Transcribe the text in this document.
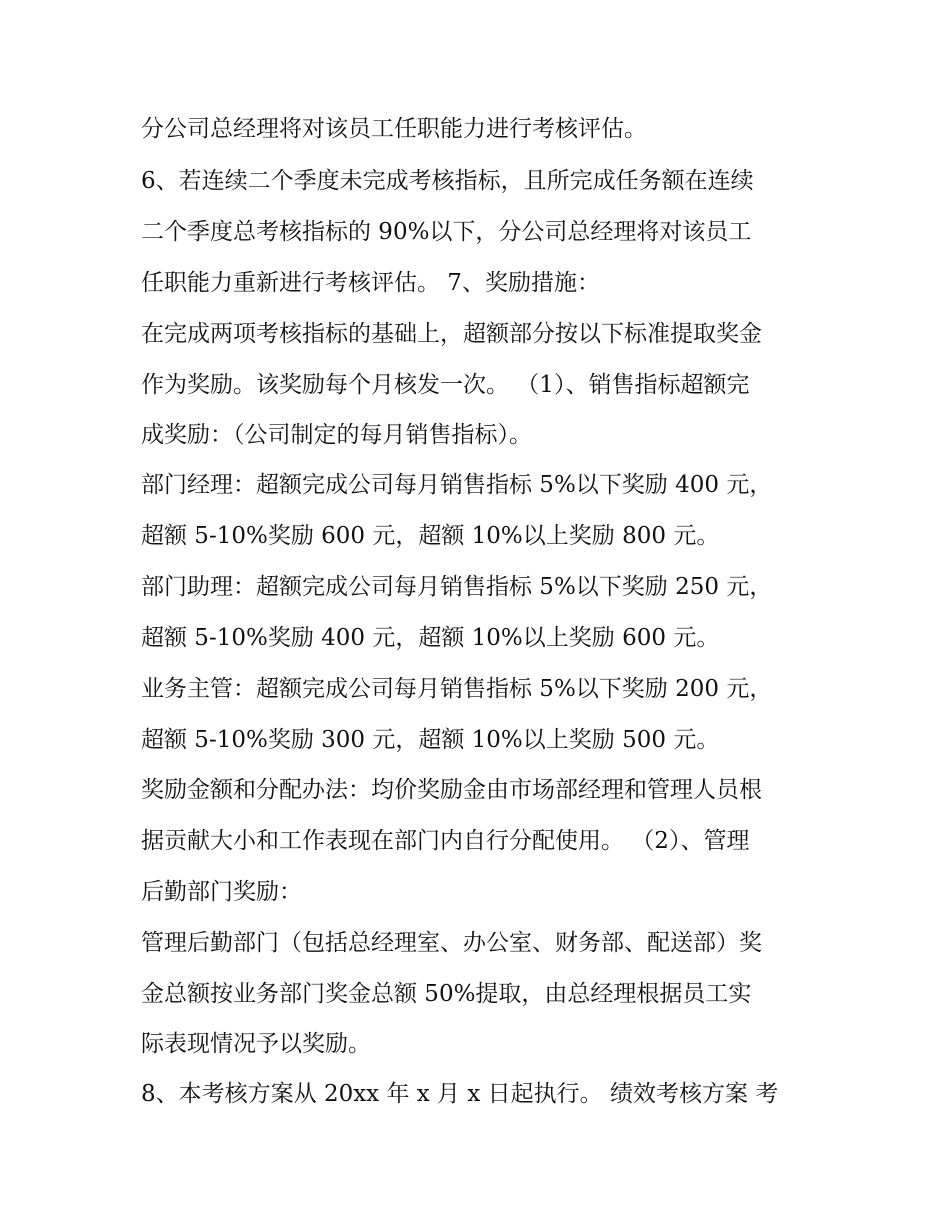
分公司总经理将对该员工任职能力进行考核评估。

6、若连续二个季度未完成考核指标，且所完成任务额在连续

二个季度总考核指标的 90%以下，分公司总经理将对该员工

任职能力重新进行考核评估。 7、奖励措施：

在完成两项考核指标的基础上，超额部分按以下标准提取奖金

作为奖励。该奖励每个月核发一次。 （1）、销售指标超额完

成奖励：（公司制定的每月销售指标）。

部门经理：超额完成公司每月销售指标 5%以下奖励 400 元，

超额 5-10%奖励 600 元，超额 10%以上奖励 800 元。

部门助理：超额完成公司每月销售指标 5%以下奖励 250 元，

超额 5-10%奖励 400 元，超额 10%以上奖励 600 元。

业务主管：超额完成公司每月销售指标 5%以下奖励 200 元，

超额 5-10%奖励 300 元，超额 10%以上奖励 500 元。

奖励金额和分配办法：均价奖励金由市场部经理和管理人员根

据贡献大小和工作表现在部门内自行分配使用。 （2）、管理

后勤部门奖励：

管理后勤部门（包括总经理室、办公室、财务部、配送部）奖

金总额按业务部门奖金总额 50%提取，由总经理根据员工实

际表现情况予以奖励。

8、本考核方案从 20xx 年 x 月 x 日起执行。 绩效考核方案 考
